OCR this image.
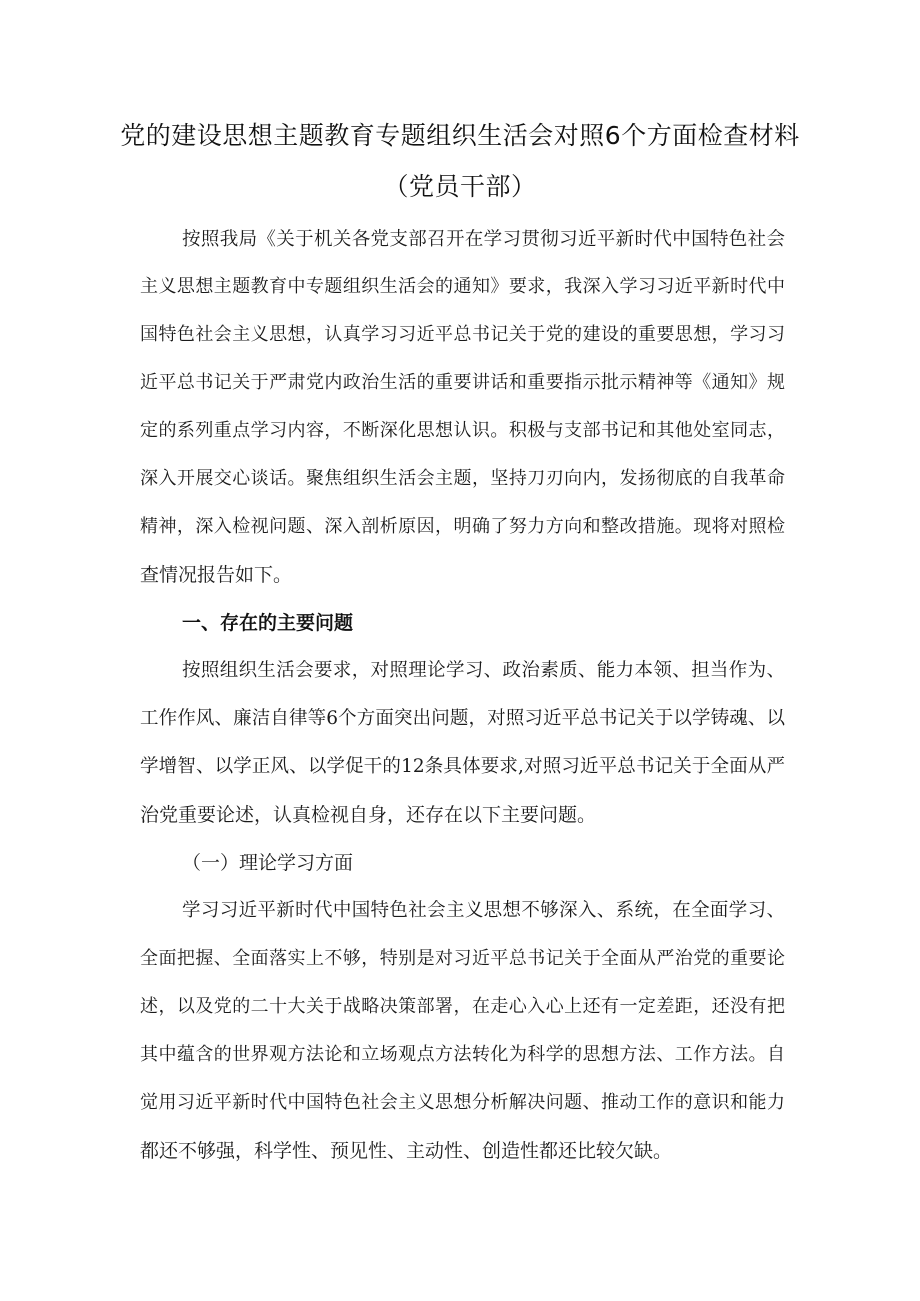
党的建设思想主题教育专题组织生活会对照6个方面检查材料
（党员干部）
按照我局《关于机关各党支部召开在学习贯彻习近平新时代中国特色社会
主义思想主题教育中专题组织生活会的通知》要求，我深入学习习近平新时代中
国特色社会主义思想，认真学习习近平总书记关于党的建设的重要思想，学习习
近平总书记关于严肃党内政治生活的重要讲话和重要指示批示精神等《通知》规
定的系列重点学习内容，不断深化思想认识。积极与支部书记和其他处室同志，
深入开展交心谈话。聚焦组织生活会主题，坚持刀刃向内，发扬彻底的自我革命
精神，深入检视问题、深入剖析原因，明确了努力方向和整改措施。现将对照检
查情况报告如下。
一、存在的主要问题
按照组织生活会要求，对照理论学习、政治素质、能力本领、担当作为、
工作作风、廉洁自律等6个方面突出问题，对照习近平总书记关于以学铸魂、以
学增智、以学正风、以学促干的12条具体要求,对照习近平总书记关于全面从严
治党重要论述，认真检视自身，还存在以下主要问题。
（一）理论学习方面
学习习近平新时代中国特色社会主义思想不够深入、系统，在全面学习、
全面把握、全面落实上不够，特别是对习近平总书记关于全面从严治党的重要论
述，以及党的二十大关于战略决策部署，在走心入心上还有一定差距，还没有把
其中蕴含的世界观方法论和立场观点方法转化为科学的思想方法、工作方法。自
觉用习近平新时代中国特色社会主义思想分析解决问题、推动工作的意识和能力
都还不够强，科学性、预见性、主动性、创造性都还比较欠缺。
